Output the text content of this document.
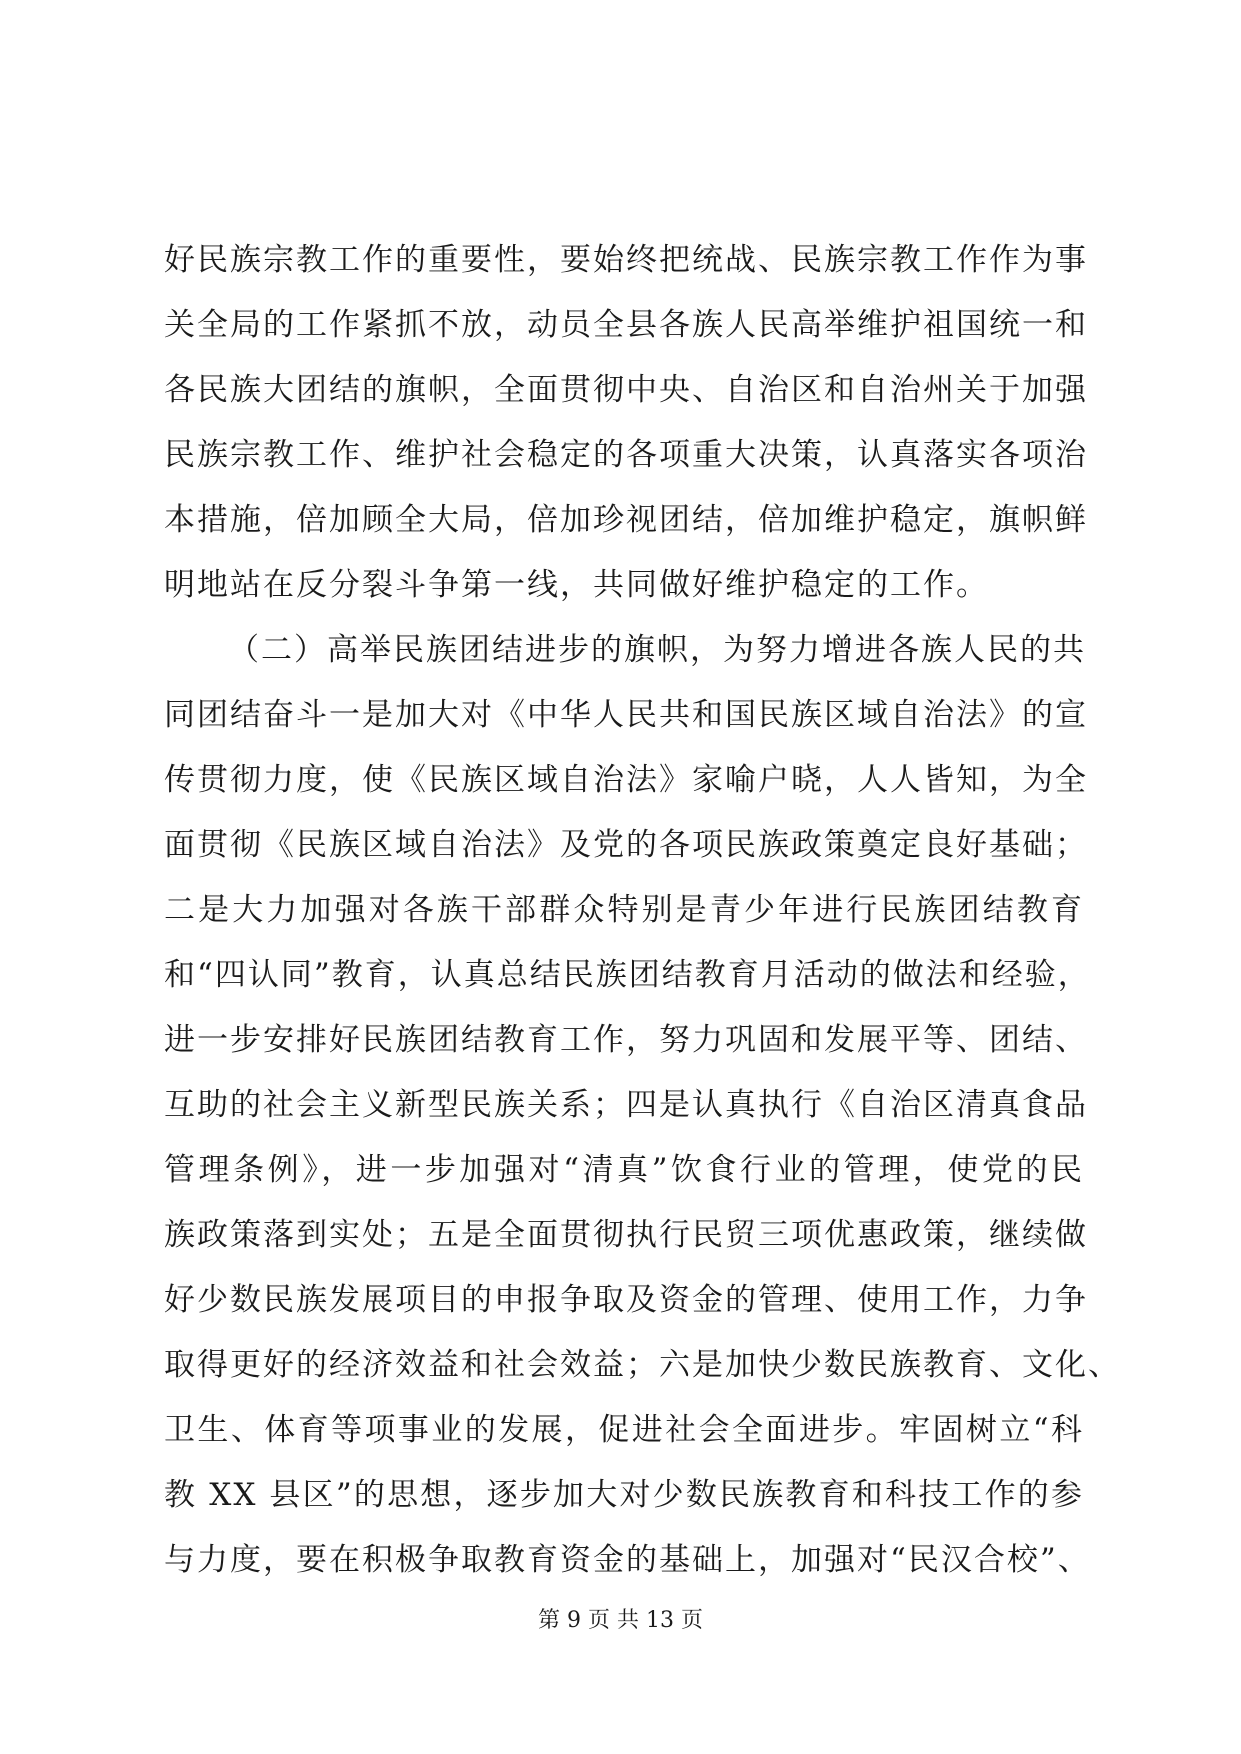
好民族宗教工作的重要性，要始终把统战、民族宗教工作作为事
关全局的工作紧抓不放，动员全县各族人民高举维护祖国统一和
各民族大团结的旗帜，全面贯彻中央、自治区和自治州关于加强
民族宗教工作、维护社会稳定的各项重大决策，认真落实各项治
本措施，倍加顾全大局，倍加珍视团结，倍加维护稳定，旗帜鲜
明地站在反分裂斗争第一线，共同做好维护稳定的工作。
（二）高举民族团结进步的旗帜，为努力增进各族人民的共
同团结奋斗一是加大对《中华人民共和国民族区域自治法》的宣
传贯彻力度，使《民族区域自治法》家喻户晓，人人皆知，为全
面贯彻《民族区域自治法》及党的各项民族政策奠定良好基础；
二是大力加强对各族干部群众特别是青少年进行民族团结教育
和“四认同”教育，认真总结民族团结教育月活动的做法和经验，
进一步安排好民族团结教育工作，努力巩固和发展平等、团结、
互助的社会主义新型民族关系；四是认真执行《自治区清真食品
管理条例》，进一步加强对“清真”饮食行业的管理，使党的民
族政策落到实处；五是全面贯彻执行民贸三项优惠政策，继续做
好少数民族发展项目的申报争取及资金的管理、使用工作，力争
取得更好的经济效益和社会效益；六是加快少数民族教育、文化、
卫生、体育等项事业的发展，促进社会全面进步。牢固树立“科
教 XX 县区”的思想，逐步加大对少数民族教育和科技工作的参
与力度，要在积极争取教育资金的基础上，加强对“民汉合校”、
第 9 页 共 13 页
